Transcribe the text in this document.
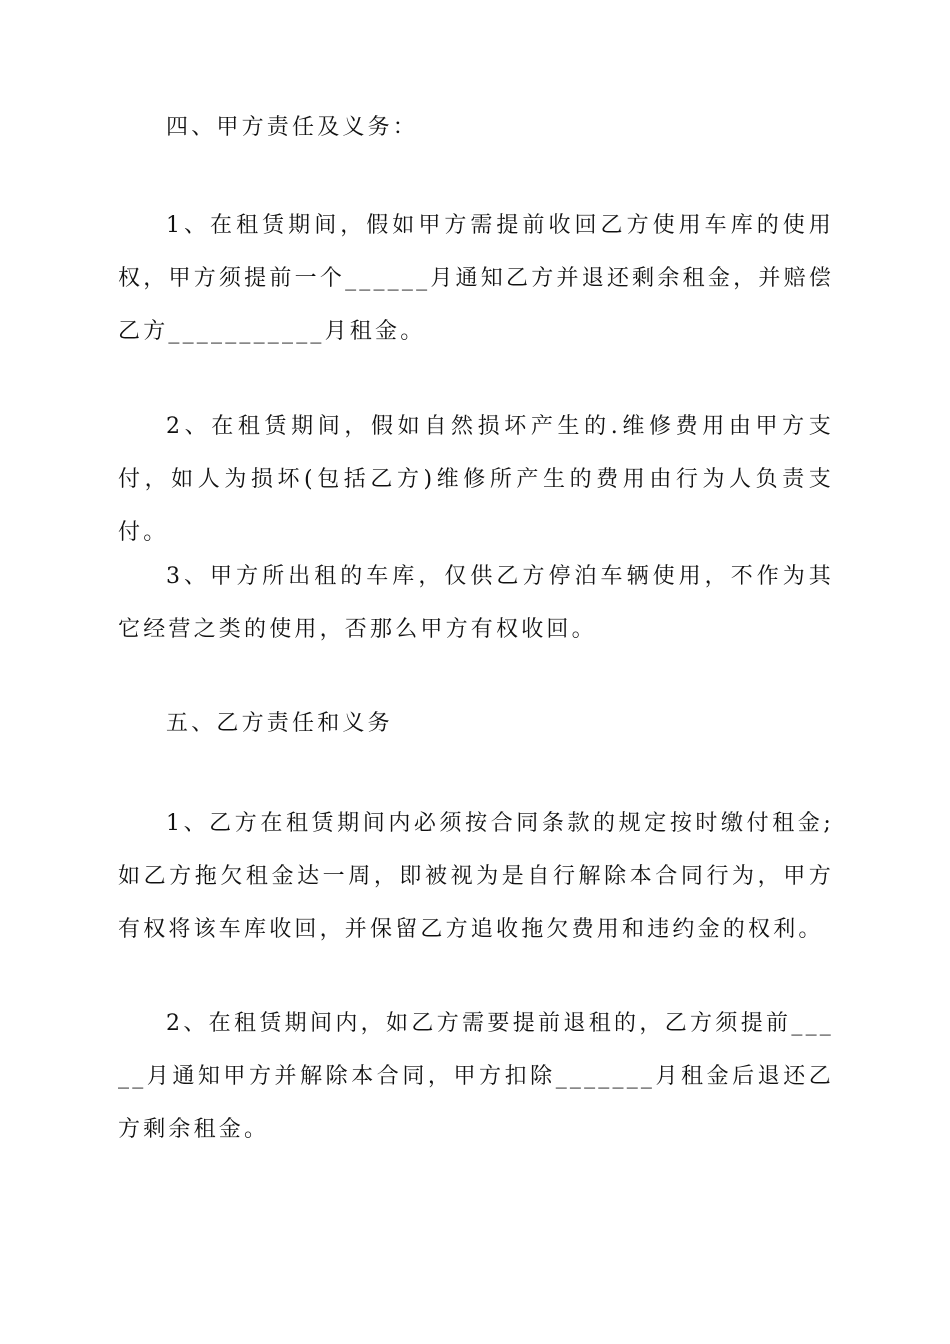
四、甲方责任及义务：

1、在租赁期间，假如甲方需提前收回乙方使用车库的使用权，甲方须提前一个______月通知乙方并退还剩余租金，并赔偿乙方___________月租金。

2、在租赁期间，假如自然损坏产生的.维修费用由甲方支付，如人为损坏(包括乙方)维修所产生的费用由行为人负责支付。

3、甲方所出租的车库，仅供乙方停泊车辆使用，不作为其它经营之类的使用，否那么甲方有权收回。

五、乙方责任和义务

1、乙方在租赁期间内必须按合同条款的规定按时缴付租金;如乙方拖欠租金达一周，即被视为是自行解除本合同行为，甲方有权将该车库收回，并保留乙方追收拖欠费用和违约金的权利。

2、在租赁期间内，如乙方需要提前退租的，乙方须提前_____月通知甲方并解除本合同，甲方扣除_______月租金后退还乙方剩余租金。
